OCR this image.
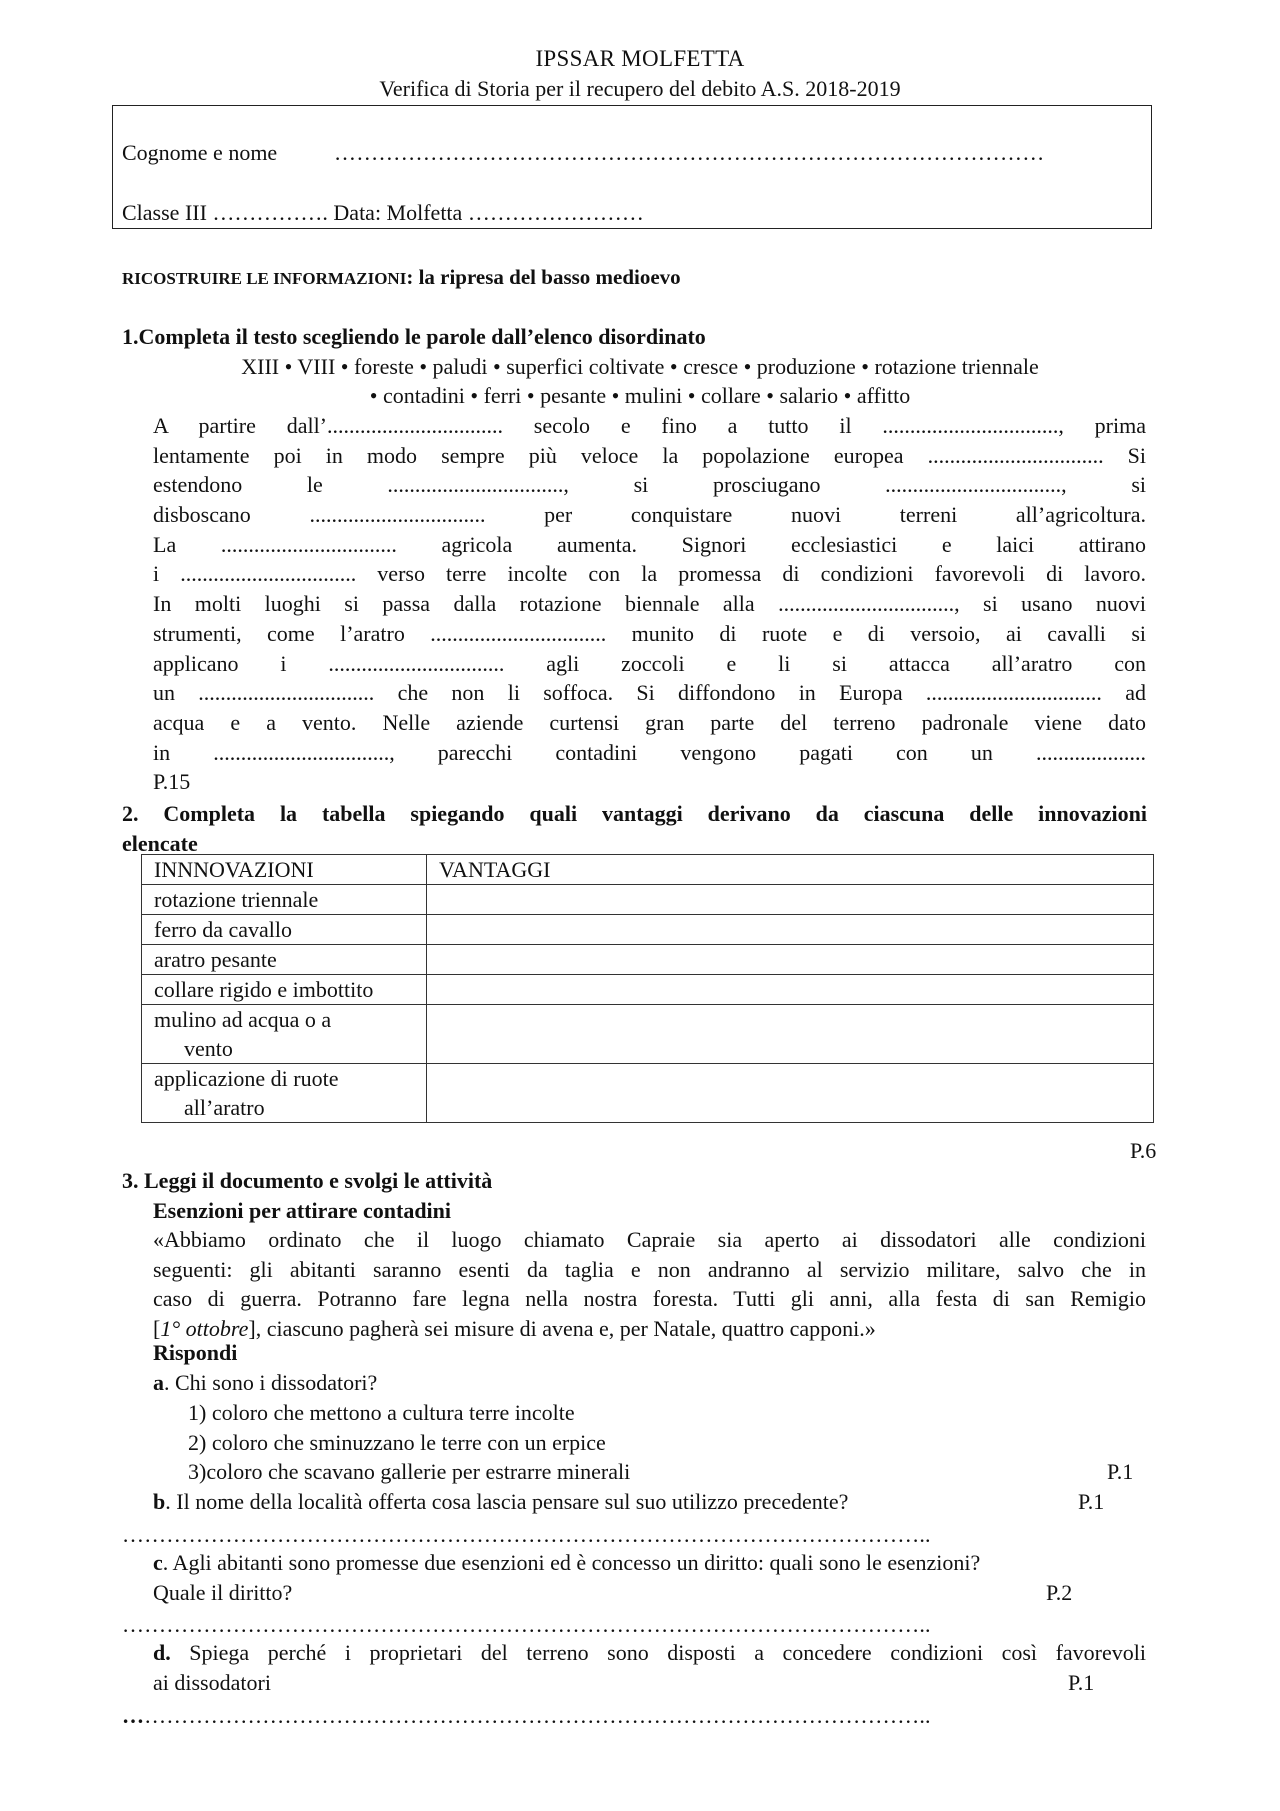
IPSSAR MOLFETTA
Verifica di Storia per il recupero del debito A.S. 2018-2019
Cognome e nome	……………………………………………………………………………………
Classe III ……………. Data: Molfetta ……………………
RICOSTRUIRE LE INFORMAZIONI: la ripresa del basso medioevo
1.Completa il testo scegliendo le parole dall’elenco disordinato
XIII • VIII • foreste • paludi • superfici coltivate • cresce • produzione • rotazione triennale
• contadini • ferri • pesante • mulini • collare • salario • affitto
A partire dall’................................ secolo e fino a tutto il ................................, prima
lentamente poi in modo sempre più veloce la popolazione europea ................................ Si
estendono le ................................, si prosciugano ................................, si
disboscano ................................ per conquistare nuovi terreni all’agricoltura.
La ................................ agricola aumenta. Signori ecclesiastici e laici attirano
i ................................ verso terre incolte con la promessa di condizioni favorevoli di lavoro.
In molti luoghi si passa dalla rotazione biennale alla ................................, si usano nuovi
strumenti, come l’aratro ................................ munito di ruote e di versoio, ai cavalli si
applicano i ................................ agli zoccoli e li si attacca all’aratro con
un ................................ che non li soffoca. Si diffondono in Europa ................................ ad
acqua e a vento. Nelle aziende curtensi gran parte del terreno padronale viene dato
in ................................, parecchi contadini vengono pagati con un ....................
P.15
2. Completa la tabella spiegando quali vantaggi derivano da ciascuna delle innovazioni
elencate
INNNOVAZIONI	VANTAGGI
rotazione triennale	
ferro da cavallo	
aratro pesante	
collare rigido e imbottito	
mulino ad acqua o a
vento	

applicazione di ruote
all’aratro	

P.6
3. Leggi il documento e svolgi le attività
Esenzioni per attirare contadini
«Abbiamo ordinato che il luogo chiamato Capraie sia aperto ai dissodatori alle condizioni
seguenti: gli abitanti saranno esenti da taglia e non andranno al servizio militare, salvo che in
caso di guerra. Potranno fare legna nella nostra foresta. Tutti gli anni, alla festa di san Remigio
[1° ottobre], ciascuno pagherà sei misure di avena e, per Natale, quattro capponi.»
Rispondi
a. Chi sono i dissodatori?
1) coloro che mettono a cultura terre incolte
2) coloro che sminuzzano le terre con un erpice
3)coloro che scavano gallerie per estrarre minerali	P.1
b. Il nome della località offerta cosa lascia pensare sul suo utilizzo precedente?	P.1
………………………………………………………………………………………………..
c. Agli abitanti sono promesse due esenzioni ed è concesso un diritto: quali sono le esenzioni?
Quale il diritto?	P.2
………………………………………………………………………………………………..
d. Spiega perché i proprietari del terreno sono disposti a concedere condizioni così favorevoli
ai dissodatori	P.1
………………………………………………………………………………………………..
